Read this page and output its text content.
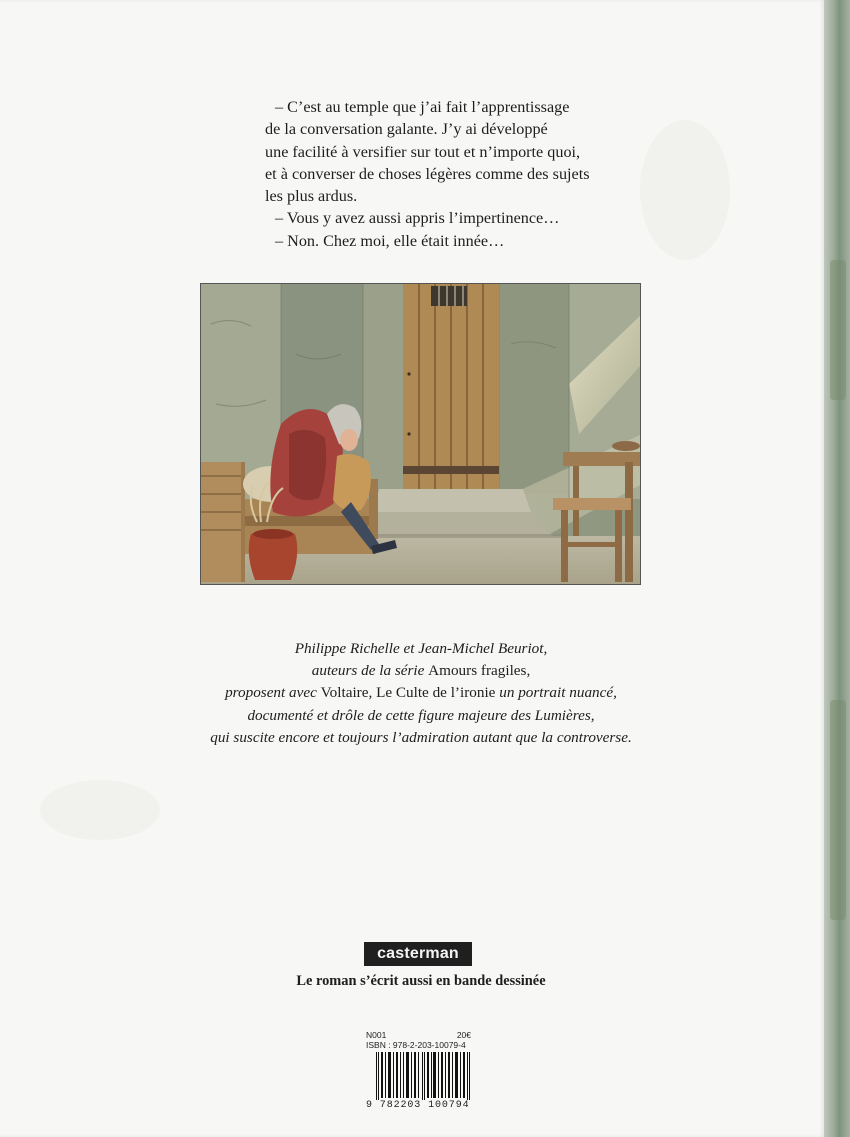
– C’est au temple que j’ai fait l’apprentissage
de la conversation galante. J’y ai développé
une facilité à versifier sur tout et n’importe quoi,
et à converser de choses légères comme des sujets
les plus ardus.
– Vous y avez aussi appris l’impertinence…
– Non. Chez moi, elle était innée…
Philippe Richelle et Jean-Michel Beuriot,
auteurs de la série Amours fragiles,
proposent avec Voltaire, Le Culte de l’ironie un portrait nuancé,
documenté et drôle de cette figure majeure des Lumières,
qui suscite encore et toujours l’admiration autant que la controverse.
casterman
Le roman s’écrit aussi en bande dessinée
N001	20€
ISBN : 978-2-203-10079-4
9 782203 100794
